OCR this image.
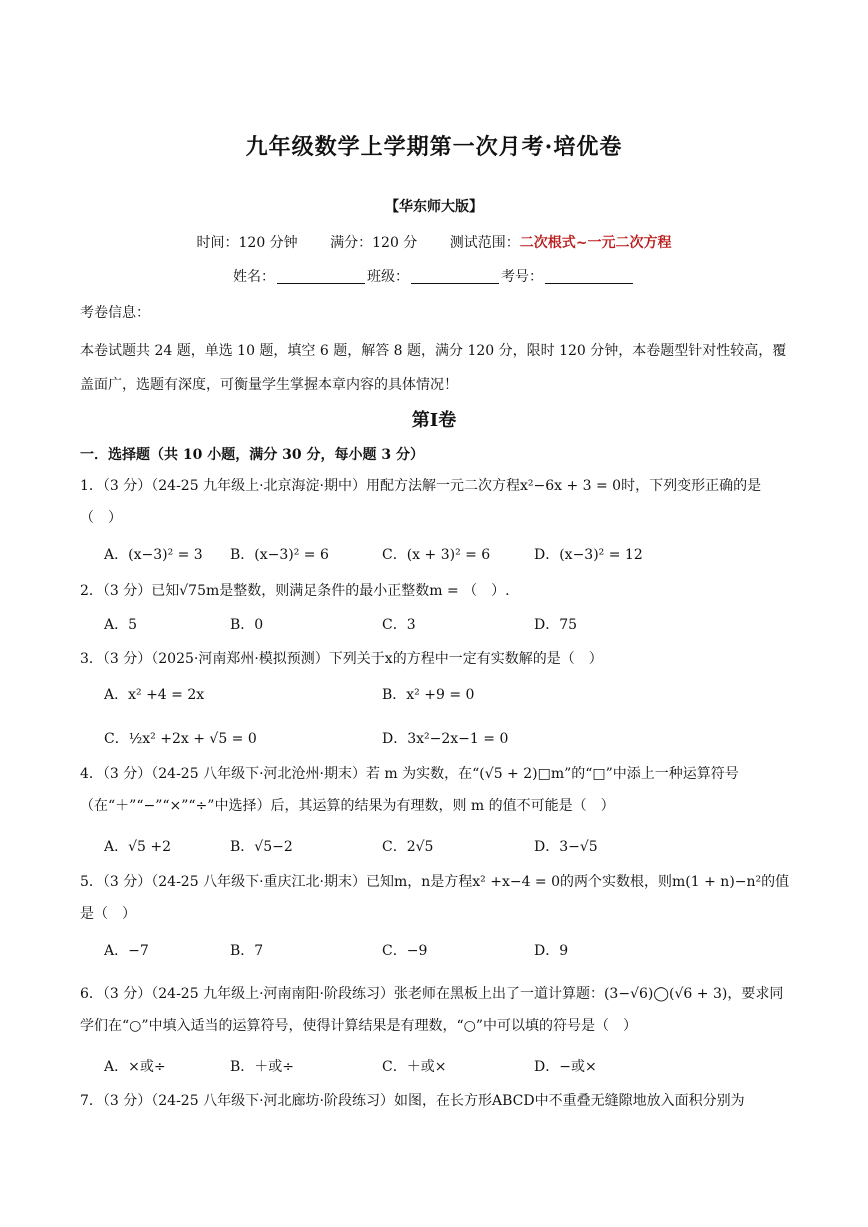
九年级数学上学期第一次月考·培优卷
【华东师大版】
时间：120 分钟 满分：120 分 测试范围：二次根式~一元二次方程
姓名：	班级：	考号：
考卷信息：
本卷试题共 24 题，单选 10 题，填空 6 题，解答 8 题，满分 120 分，限时 120 分钟，本卷题型针对性较高，覆盖面广，选题有深度，可衡量学生掌握本章内容的具体情况！
第Ⅰ卷
一．选择题（共 10 小题，满分 30 分，每小题 3 分）
1．（3 分）（24-25 九年级上·北京海淀·期中）用配方法解一元二次方程x²−6x + 3 = 0时，下列变形正确的是（　）
A．(x−3)² = 3 B．(x−3)² = 6	C．(x + 3)² = 6	D．(x−3)² = 12
2．（3 分）已知√75m是整数，则满足条件的最小正整数m = （　）.
A．5	B．0	C．3	D．75
3．（3 分）（2025·河南郑州·模拟预测）下列关于x的方程中一定有实数解的是（　）
A．x² +4 = 2x	B．x² +9 = 0
C．½x² +2x + √5 = 0	D．3x²−2x−1 = 0
4．（3 分）（24-25 八年级下·河北沧州·期末）若 m 为实数，在“(√5 + 2)□m”的“□”中添上一种运算符号（在“＋”“−”“×”“÷”中选择）后，其运算的结果为有理数，则 m 的值不可能是（　）
A．√5 +2	B．√5−2	C．2√5	D．3−√5
5．（3 分）（24-25 八年级下·重庆江北·期末）已知m，n是方程x² +x−4 = 0的两个实数根，则m(1 + n)−n²的值是（　）
A．−7	B．7	C．−9	D．9
6．（3 分）（24-25 九年级上·河南南阳·阶段练习）张老师在黑板上出了一道计算题：(3−√6)◯(√6 + 3)，要求同学们在“○”中填入适当的运算符号，使得计算结果是有理数，“○”中可以填的符号是（　）
A．×或÷	B．＋或÷	C．＋或×	D．−或×
7．（3 分）（24-25 八年级下·河北廊坊·阶段练习）如图，在长方形ABCD中不重叠无缝隙地放入面积分别为
